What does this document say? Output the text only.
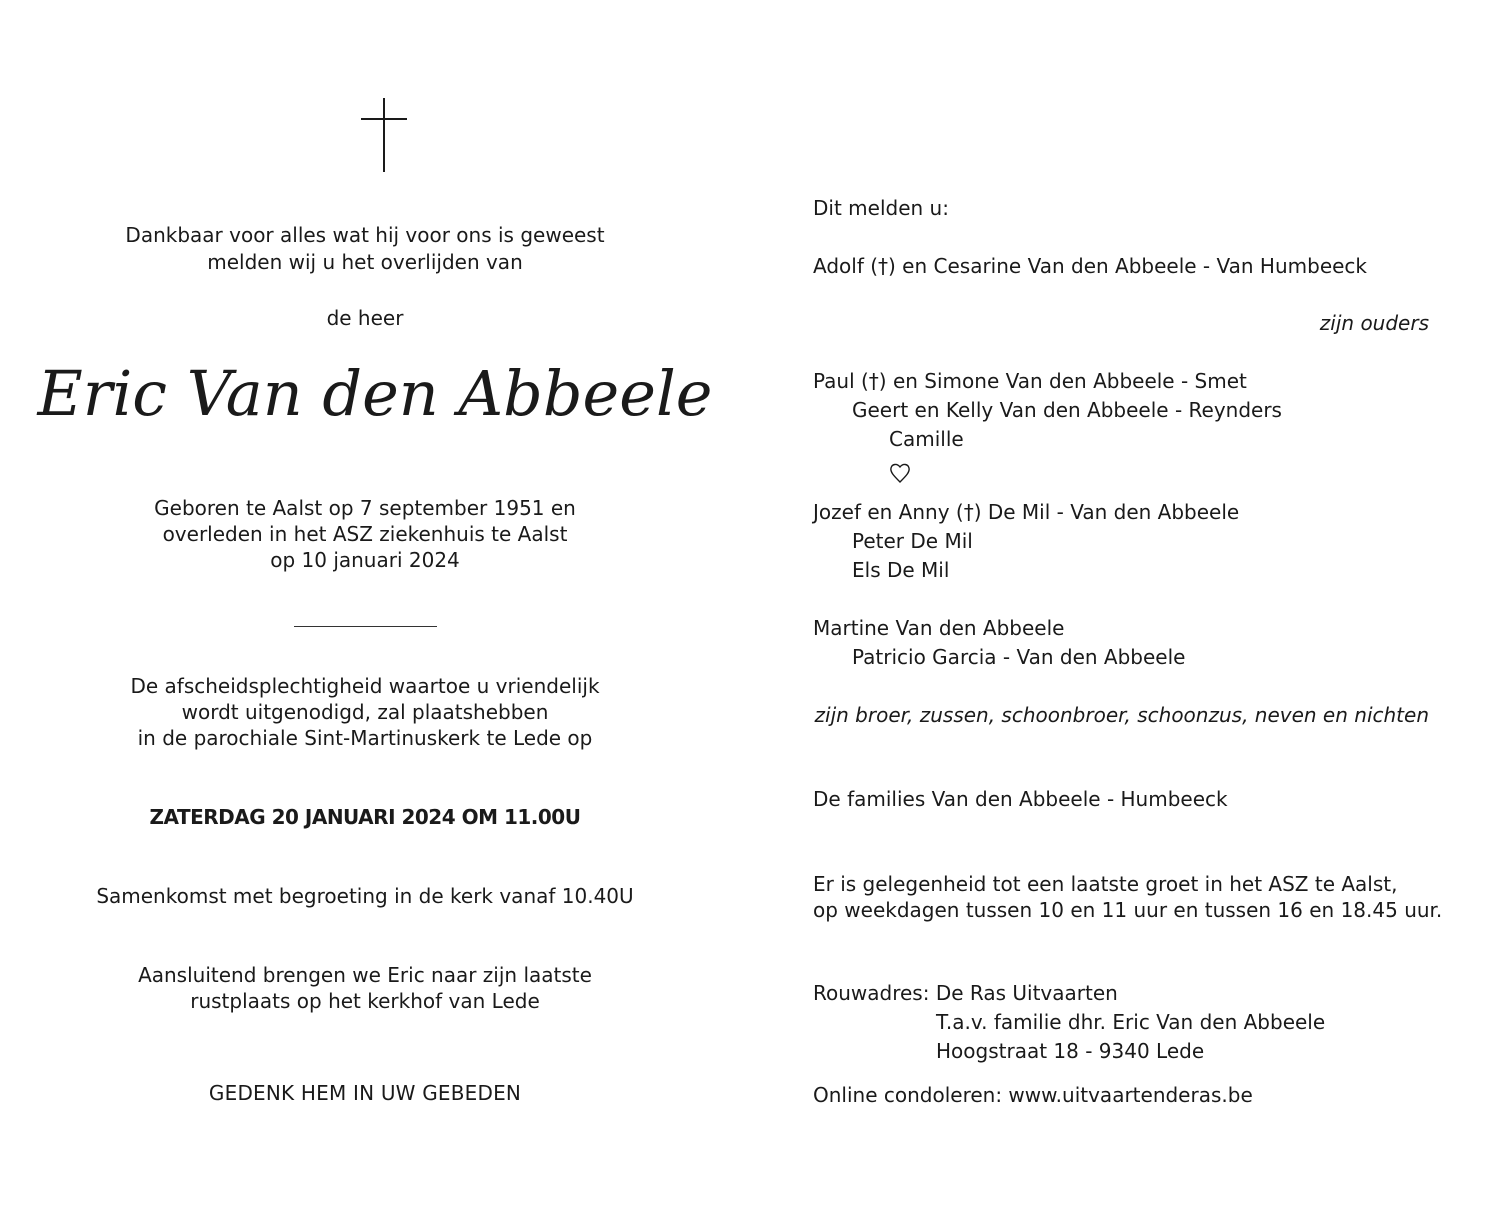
Dankbaar voor alles wat hij voor ons is geweest
melden wij u het overlijden van
de heer
Eric Van den Abbeele
Geboren te Aalst op 7 september 1951 en
overleden in het ASZ ziekenhuis te Aalst
op 10 januari 2024
De afscheidsplechtigheid waartoe u vriendelijk
wordt uitgenodigd, zal plaatshebben
in de parochiale Sint-Martinuskerk te Lede op
ZATERDAG 20 JANUARI 2024 OM 11.00U
Samenkomst met begroeting in de kerk vanaf 10.40U
Aansluitend brengen we Eric naar zijn laatste
rustplaats op het kerkhof van Lede
GEDENK HEM IN UW GEBEDEN
Dit melden u:
Adolf (†) en Cesarine Van den Abbeele - Van Humbeeck
zijn ouders
Paul (†) en Simone Van den Abbeele - Smet
Geert en Kelly Van den Abbeele - Reynders
Camille
Jozef en Anny (†) De Mil - Van den Abbeele
Peter De Mil
Els De Mil
Martine Van den Abbeele
Patricio Garcia - Van den Abbeele
zijn broer, zussen, schoonbroer, schoonzus, neven en nichten
De families Van den Abbeele - Humbeeck
Er is gelegenheid tot een laatste groet in het ASZ te Aalst,
op weekdagen tussen 10 en 11 uur en tussen 16 en 18.45 uur.
Rouwadres: De Ras Uitvaarten
T.a.v. familie dhr. Eric Van den Abbeele
Hoogstraat 18 - 9340 Lede
Online condoleren: www.uitvaartenderas.be
